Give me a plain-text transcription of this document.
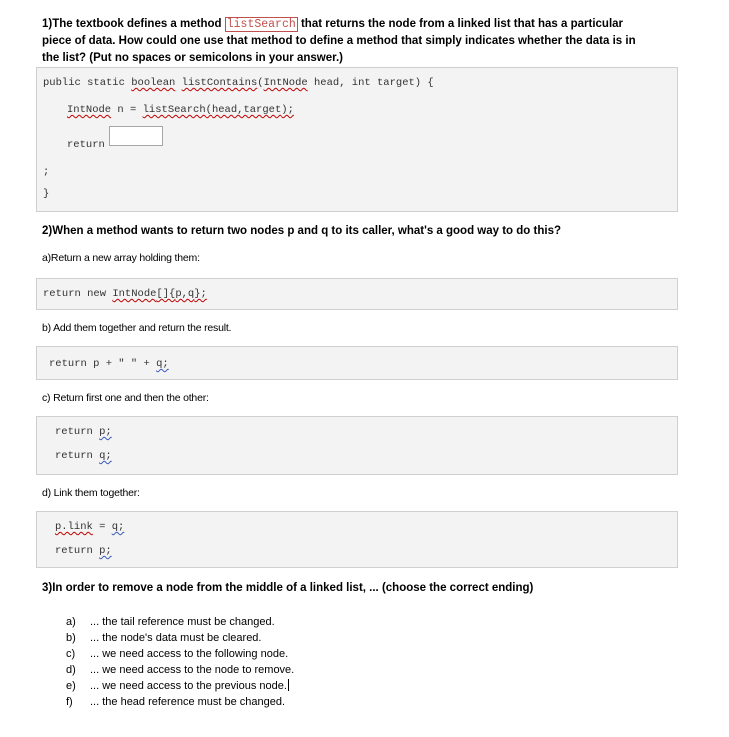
1)The textbook defines a method listSearch that returns the node from a linked list that has a particular
piece of data. How could one use that method to define a method that simply indicates whether the data is in
the list? (Put no spaces or semicolons in your answer.)
public static boolean listContains(IntNode head, int target) {
IntNode n = listSearch(head,target);
return
;
}
2)When a method wants to return two nodes p and q to its caller, what's a good way to do this?
a)Return a new array holding them:
return new IntNode[]{p,q};
b) Add them together and return the result.
return p + " " + q;
c) Return first one and then the other:
return p;
return q;
d) Link them together:
p.link = q;
return p;
3)In order to remove a node from the middle of a linked list, ... (choose the correct ending)
a) ... the tail reference must be changed.
b) ... the node's data must be cleared.
c) ... we need access to the following node.
d) ... we need access to the node to remove.
e) ... we need access to the previous node.
f) ... the head reference must be changed.
